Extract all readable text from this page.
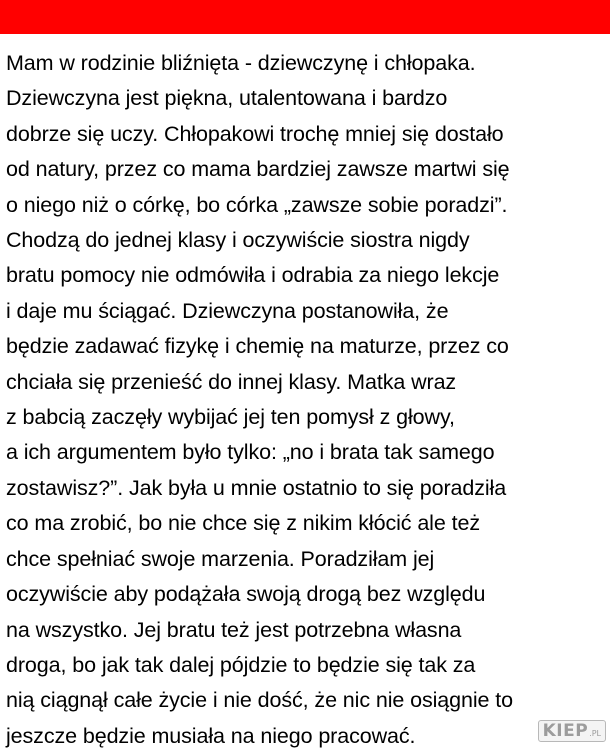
Mam w rodzinie bliźnięta - dziewczynę i chłopaka.
Dziewczyna jest piękna, utalentowana i bardzo
dobrze się uczy. Chłopakowi trochę mniej się dostało
od natury, przez co mama bardziej zawsze martwi się
o niego niż o córkę, bo córka „zawsze sobie poradzi”.
Chodzą do jednej klasy i oczywiście siostra nigdy
bratu pomocy nie odmówiła i odrabia za niego lekcje
i daje mu ściągać. Dziewczyna postanowiła, że
będzie zadawać fizykę i chemię na maturze, przez co
chciała się przenieść do innej klasy. Matka wraz
z babcią zaczęły wybijać jej ten pomysł z głowy,
a ich argumentem było tylko: „no i brata tak samego
zostawisz?”. Jak była u mnie ostatnio to się poradziła
co ma zrobić, bo nie chce się z nikim kłócić ale też
chce spełniać swoje marzenia. Poradziłam jej
oczywiście aby podążała swoją drogą bez względu
na wszystko. Jej bratu też jest potrzebna własna
droga, bo jak tak dalej pójdzie to będzie się tak za
nią ciągnął całe życie i nie dość, że nic nie osiągnie to
jeszcze będzie musiała na niego pracować.	KIEP .PL
